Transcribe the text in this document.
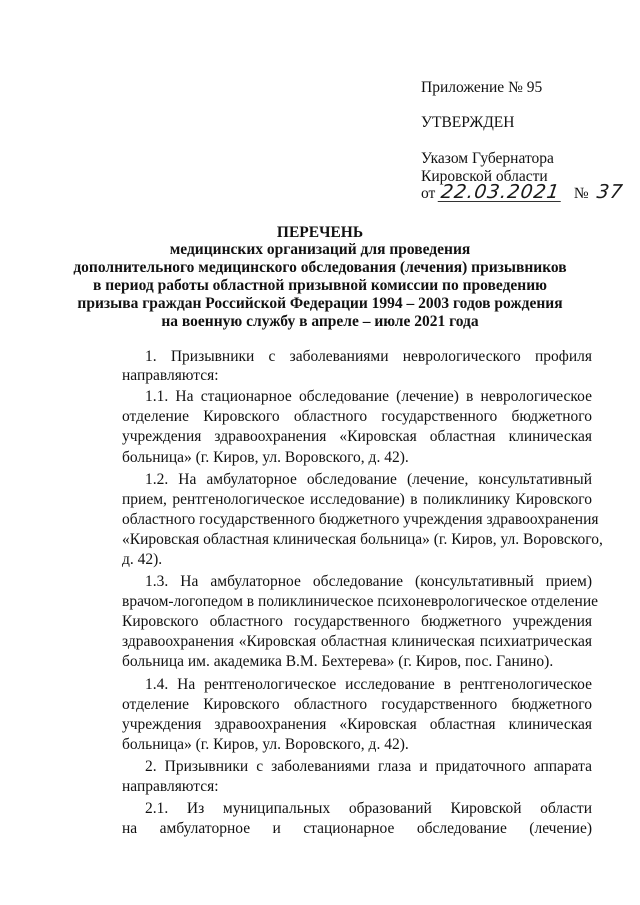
Приложение № 95
УТВЕРЖДЕН
Указом Губернатора
Кировской области
от 22.03.2021 № 37
ПЕРЕЧЕНЬ
медицинских организаций для проведения
дополнительного медицинского обследования (лечения) призывников
в период работы областной призывной комиссии по проведению
призыва граждан Российской Федерации 1994 – 2003 годов рождения
на военную службу в апреле – июле 2021 года
1. Призывники с заболеваниями неврологического профиля
направляются:
1.1. На стационарное обследование (лечение) в неврологическое
отделение Кировского областного государственного бюджетного
учреждения здравоохранения «Кировская областная клиническая
больница» (г. Киров, ул. Воровского, д. 42).
1.2. На амбулаторное обследование (лечение, консультативный
прием, рентгенологическое исследование) в поликлинику Кировского
областного государственного бюджетного учреждения здравоохранения
«Кировская областная клиническая больница» (г. Киров, ул. Воровского,
д. 42).
1.3. На амбулаторное обследование (консультативный прием)
врачом-логопедом в поликлиническое психоневрологическое отделение
Кировского областного государственного бюджетного учреждения
здравоохранения «Кировская областная клиническая психиатрическая
больница им. академика В.М. Бехтерева» (г. Киров, пос. Ганино).
1.4. На рентгенологическое исследование в рентгенологическое
отделение Кировского областного государственного бюджетного
учреждения здравоохранения «Кировская областная клиническая
больница» (г. Киров, ул. Воровского, д. 42).
2. Призывники с заболеваниями глаза и придаточного аппарата
направляются:
2.1. Из муниципальных образований Кировской области
на амбулаторное и стационарное обследование (лечение)
